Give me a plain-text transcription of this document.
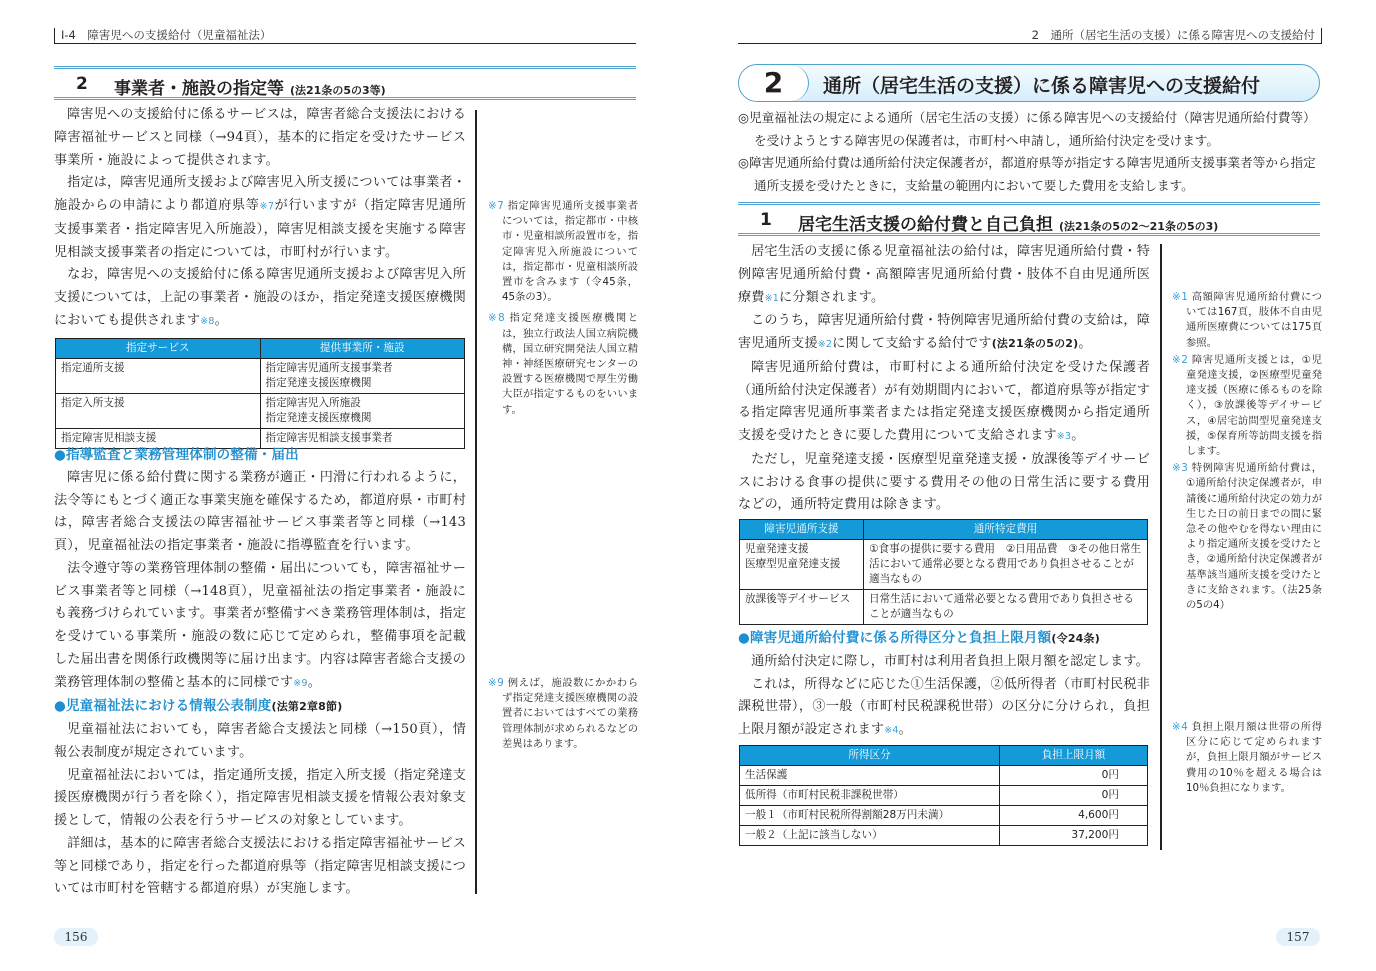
Ⅰ-4　障害児への支援給付（児童福祉法）
2 事業者・施設の指定等 (法21条の5の3等)

障害児への支援給付に係るサービスは，障害者総合支援法における障害福祉サービスと同様（→94頁），基本的に指定を受けたサービス事業所・施設によって提供されます。

指定は，障害児通所支援および障害児入所支援については事業者・施設からの申請により都道府県等※7が行いますが（指定障害児通所支援事業者・指定障害児入所施設），障害児相談支援を実施する障害児相談支援事業者の指定については，市町村が行います。

なお，障害児への支援給付に係る障害児通所支援および障害児入所支援については，上記の事業者・施設のほか，指定発達支援医療機関においても提供されます※8。

指定サービス	提供事業所・施設
指定通所支援	指定障害児通所支援事業者
指定発達支援医療機関

指定入所支援	指定障害児入所施設
指定発達支援医療機関

指定障害児相談支援	指定障害児相談支援事業者

●指導監査と業務管理体制の整備・届出

障害児に係る給付費に関する業務が適正・円滑に行われるように，法令等にもとづく適正な事業実施を確保するため，都道府県・市町村は，障害者総合支援法の障害福祉サービス事業者等と同様（→143頁），児童福祉法の指定事業者・施設に指導監査を行います。

法令遵守等の業務管理体制の整備・届出についても，障害福祉サービス事業者等と同様（→148頁），児童福祉法の指定事業者・施設にも義務づけられています。事業者が整備すべき業務管理体制は，指定を受けている事業所・施設の数に応じて定められ，整備事項を記載した届出書を関係行政機関等に届け出ます。内容は障害者総合支援の業務管理体制の整備と基本的に同様です※9。

●児童福祉法における情報公表制度(法第2章8節)

児童福祉法においても，障害者総合支援法と同様（→150頁），情報公表制度が規定されています。

児童福祉法においては，指定通所支援，指定入所支援（指定発達支援医療機関が行う者を除く），指定障害児相談支援を情報公表対象支援として，情報の公表を行うサービスの対象としています。

詳細は，基本的に障害者総合支援法における指定障害福祉サービス等と同様であり，指定を行った都道府県等（指定障害児相談支援については市町村を管轄する都道府県）が実施します。

※7 指定障害児通所支援事業者については，指定都市・中核市・児童相談所設置市を，指定障害児入所施設については，指定都市・児童相談所設置市を含みます（令45条，45条の3）。
※8 指定発達支援医療機関とは，独立行政法人国立病院機構，国立研究開発法人国立精神・神経医療研究センターの設置する医療機関で厚生労働大臣が指定するものをいいます。
※9 例えば，施設数にかかわらず指定発達支援医療機関の設置者においてはすべての業務管理体制が求められるなどの差異はあります。
156
2　通所（居宅生活の支援）に係る障害児への支援給付
2	通所（居宅生活の支援）に係る障害児への支援給付

◎児童福祉法の規定による通所（居宅生活の支援）に係る障害児への支援給付（障害児通所給付費等）を受けようとする障害児の保護者は，市町村へ申請し，通所給付決定を受けます。

◎障害児通所給付費は通所給付決定保護者が，都道府県等が指定する障害児通所支援事業者等から指定通所支援を受けたときに，支給量の範囲内において要した費用を支給します。

1 居宅生活支援の給付費と自己負担 (法21条の5の2～21条の5の3)

居宅生活の支援に係る児童福祉法の給付は，障害児通所給付費・特例障害児通所給付費・高額障害児通所給付費・肢体不自由児通所医療費※1に分類されます。

このうち，障害児通所給付費・特例障害児通所給付費の支給は，障害児通所支援※2に関して支給する給付です(法21条の5の2)。

障害児通所給付費は，市町村による通所給付決定を受けた保護者（通所給付決定保護者）が有効期間内において，都道府県等が指定する指定障害児通所事業者または指定発達支援医療機関から指定通所支援を受けたときに要した費用について支給されます※3。

ただし，児童発達支援・医療型児童発達支援・放課後等デイサービスにおける食事の提供に要する費用その他の日常生活に要する費用などの，通所特定費用は除きます。

障害児通所支援	通所特定費用

児童発達支援
医療型児童発達支援	①食事の提供に要する費用　②日用品費　③その他日常生活において通常必要となる費用であり負担させることが適当なもの
放課後等デイサービス	日常生活において通常必要となる費用であり負担させることが適当なもの

●障害児通所給付費に係る所得区分と負担上限月額(令24条)

通所給付決定に際し，市町村は利用者負担上限月額を認定します。

これは，所得などに応じた①生活保護，②低所得者（市町村民税非課税世帯），③一般（市町村民税課税世帯）の区分に分けられ，負担上限月額が設定されます※4。

所得区分	負担上限月額
生活保護	0円
低所得（市町村民税非課税世帯）	0円
一般１（市町村民税所得割額28万円未満）	4,600円
一般２（上記に該当しない）	37,200円
※1 高額障害児通所給付費については167頁，肢体不自由児通所医療費については175頁参照。
※2 障害児通所支援とは，①児童発達支援，②医療型児童発達支援（医療に係るものを除く），③放課後等デイサービス，④居宅訪問型児童発達支援，⑤保育所等訪問支援を指します。
※3 特例障害児通所給付費は，①通所給付決定保護者が，申請後に通所給付決定の効力が生じた日の前日までの間に緊急その他やむを得ない理由により指定通所支援を受けたとき，②通所給付決定保護者が基準該当通所支援を受けたときに支給されます。（法25条の5の4）
※4 負担上限月額は世帯の所得区分に応じて定められますが，負担上限月額がサービス費用の10％を超える場合は10％負担になります。
157
